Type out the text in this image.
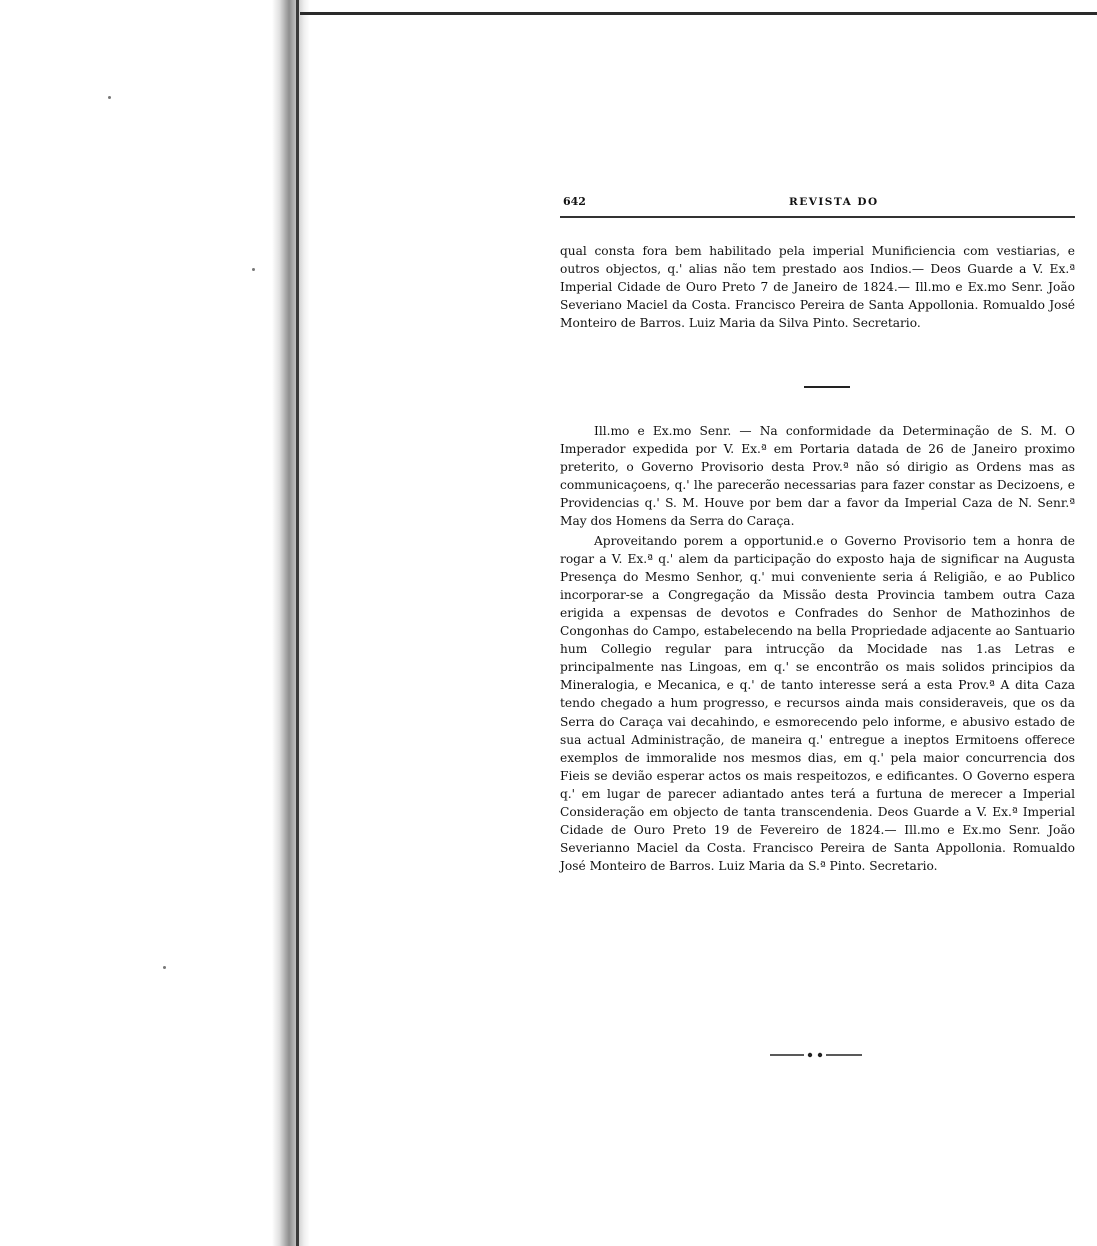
642	REVISTA DO

qual consta fora bem habilitado pela imperial Munificiencia com vestiarias, e outros objectos, q.' alias não tem prestado aos Indios.— Deos Guarde a V. Ex.ª Imperial Cidade de Ouro Preto 7 de Janeiro de 1824.— Ill.mo e Ex.mo Senr. João Severiano Maciel da Costa. Francisco Pereira de Santa Appollonia. Romualdo José Monteiro de Barros. Luiz Maria da Silva Pinto. Secretario.

Ill.mo e Ex.mo Senr. — Na conformidade da Determinação de S. M. O Imperador expedida por V. Ex.ª em Portaria datada de 26 de Janeiro proximo preterito, o Governo Provisorio desta Prov.ª não só dirigio as Ordens mas as communicaçoens, q.' lhe parecerão necessarias para fazer constar as Decizoens, e Providencias q.' S. M. Houve por bem dar a favor da Imperial Caza de N. Senr.ª May dos Homens da Serra do Caraça.

Aproveitando porem a opportunid.e o Governo Provisorio tem a honra de rogar a V. Ex.ª q.' alem da participação do exposto haja de significar na Augusta Presença do Mesmo Senhor, q.' mui conveniente seria á Religião, e ao Publico incorporar-se a Congregação da Missão desta Provincia tambem outra Caza erigida a expensas de devotos e Confrades do Senhor de Mathozinhos de Congonhas do Campo, estabelecendo na bella Propriedade adjacente ao Santuario hum Collegio regular para intrucção da Mocidade nas 1.as Letras e principalmente nas Lingoas, em q.' se encontrão os mais solidos principios da Mineralogia, e Mecanica, e q.' de tanto interesse será a esta Prov.ª A dita Caza tendo chegado a hum progresso, e recursos ainda mais consideraveis, que os da Serra do Caraça vai decahindo, e esmorecendo pelo informe, e abusivo estado de sua actual Administração, de maneira q.' entregue a ineptos Ermitoens offerece exemplos de immoralide nos mesmos dias, em q.' pela maior concurrencia dos Fieis se devião esperar actos os mais respeitozos, e edificantes. O Governo espera q.' em lugar de parecer adiantado antes terá a furtuna de merecer a Imperial Consideração em objecto de tanta transcendenia. Deos Guarde a V. Ex.ª Imperial Cidade de Ouro Preto 19 de Fevereiro de 1824.— Ill.mo e Ex.mo Senr. João Severianno Maciel da Costa. Francisco Pereira de Santa Appollonia. Romualdo José Monteiro de Barros. Luiz Maria da S.ª Pinto. Secretario.
